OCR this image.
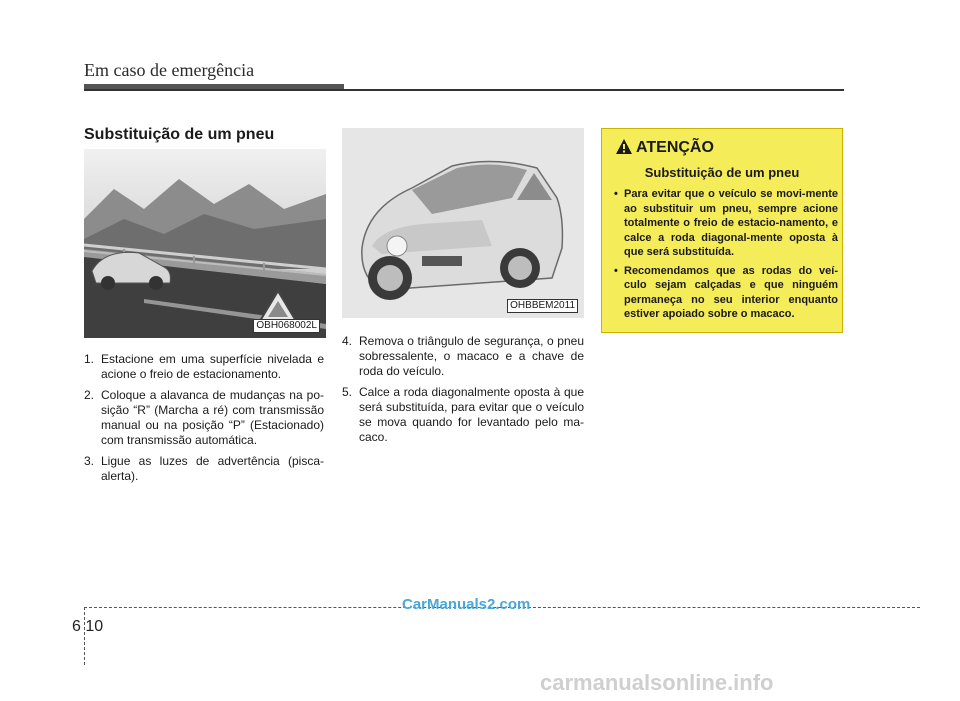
Em caso de emergência
Substituição de um pneu
OBH068002L
OHBBEM2011
1. Estacione em uma superfície nivelada e acione o freio de estacionamento.
2. Coloque a alavanca de mudanças na po-sição “R” (Marcha a ré) com transmissão manual ou na posição “P” (Estacionado) com transmissão automática.
3. Ligue as luzes de advertência (pisca-alerta).
4. Remova o triângulo de segurança, o pneu sobressalente, o macaco e a chave de roda do veículo.
5. Calce a roda diagonalmente oposta à que será substituída, para evitar que o veículo se mova quando for levantado pelo ma-caco.
ATENÇÃO
Substituição de um pneu
• Para evitar que o veículo se movi-mente ao substituir um pneu, sempre acione totalmente o freio de estacio-namento, e calce a roda diagonal-mente oposta à que será substituída.
• Recomendamos que as rodas do veí-culo sejam calçadas e que ninguém permaneça no seu interior enquanto estiver apoiado sobre o macaco.
6 10
CarManuals2.com
carmanualsonline.info
